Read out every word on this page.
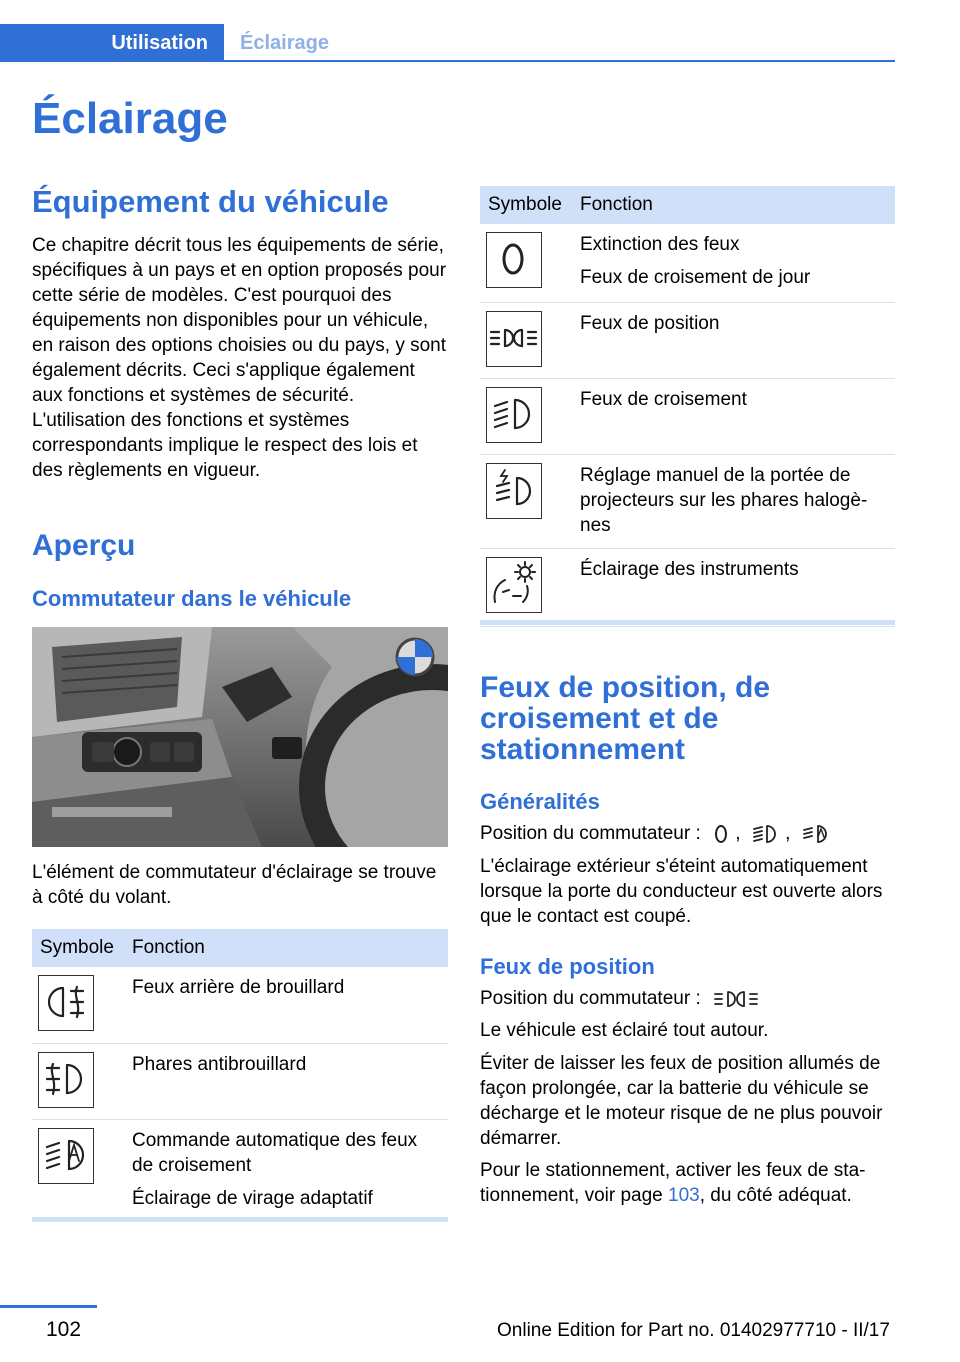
Utilisation	Éclairage
Éclairage
Équipement du véhicule

Ce chapitre décrit tous les équipements de série, spécifiques à un pays et en option proposés pour cette série de modèles. C'est pourquoi des équipements non disponibles pour un véhicule, en raison des options choisies ou du pays, y sont également décrits. Ceci s'applique également aux fonctions et systèmes de sécurité. L'utilisation des fonctions et systèmes correspondants implique le respect des lois et des règlements en vigueur.

Aperçu
Commutateur dans le véhicule

L'élément de commutateur d'éclairage se trouve à côté du volant.

Symbole	Fonction

Feux arrière de brouillard

Phares antibrouillard

Commande automatique des feux de croisement
Éclairage de virage adaptatif
Symbole	Fonction

Extinction des feux
Feux de croisement de jour

Feux de position

Feux de croisement

Réglage manuel de la portée de projecteurs sur les phares halogènes

Éclairage des instruments
Feux de position, de croisement et de stationnement
Généralités

Position du commutateur : , ,

L'éclairage extérieur s'éteint automatiquement lorsque la porte du conducteur est ouverte alors que le contact est coupé.

Feux de position

Position du commutateur :

Le véhicule est éclairé tout autour.

Éviter de laisser les feux de position allumés de façon prolongée, car la batterie du véhicule se décharge et le moteur risque de ne plus pouvoir démarrer.

Pour le stationnement, activer les feux de stationnement, voir page 103, du côté adéquat.

102	Online Edition for Part no. 01402977710 - II/17
